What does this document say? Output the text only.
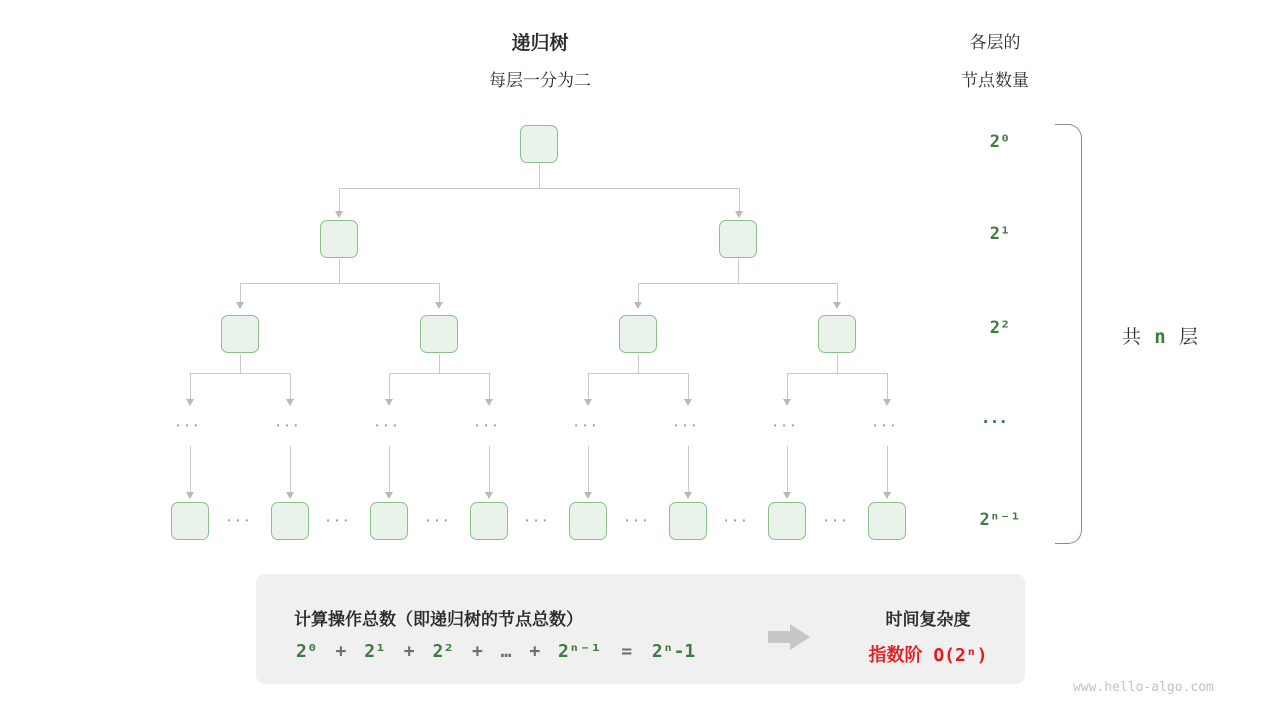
递归树
每层一分为二
各层的
节点数量
···	···	···	···	···	···	···	···
···	···	···	···	···	···	···
2⁰
2¹
2²
···
2ⁿ⁻¹
共 n 层
计算操作总数（即递归树的节点总数）
2⁰ + 2¹ + 2² + … + 2ⁿ⁻¹ = 2ⁿ-1
时间复杂度
指数阶 O(2ⁿ)
www.hello-algo.com
